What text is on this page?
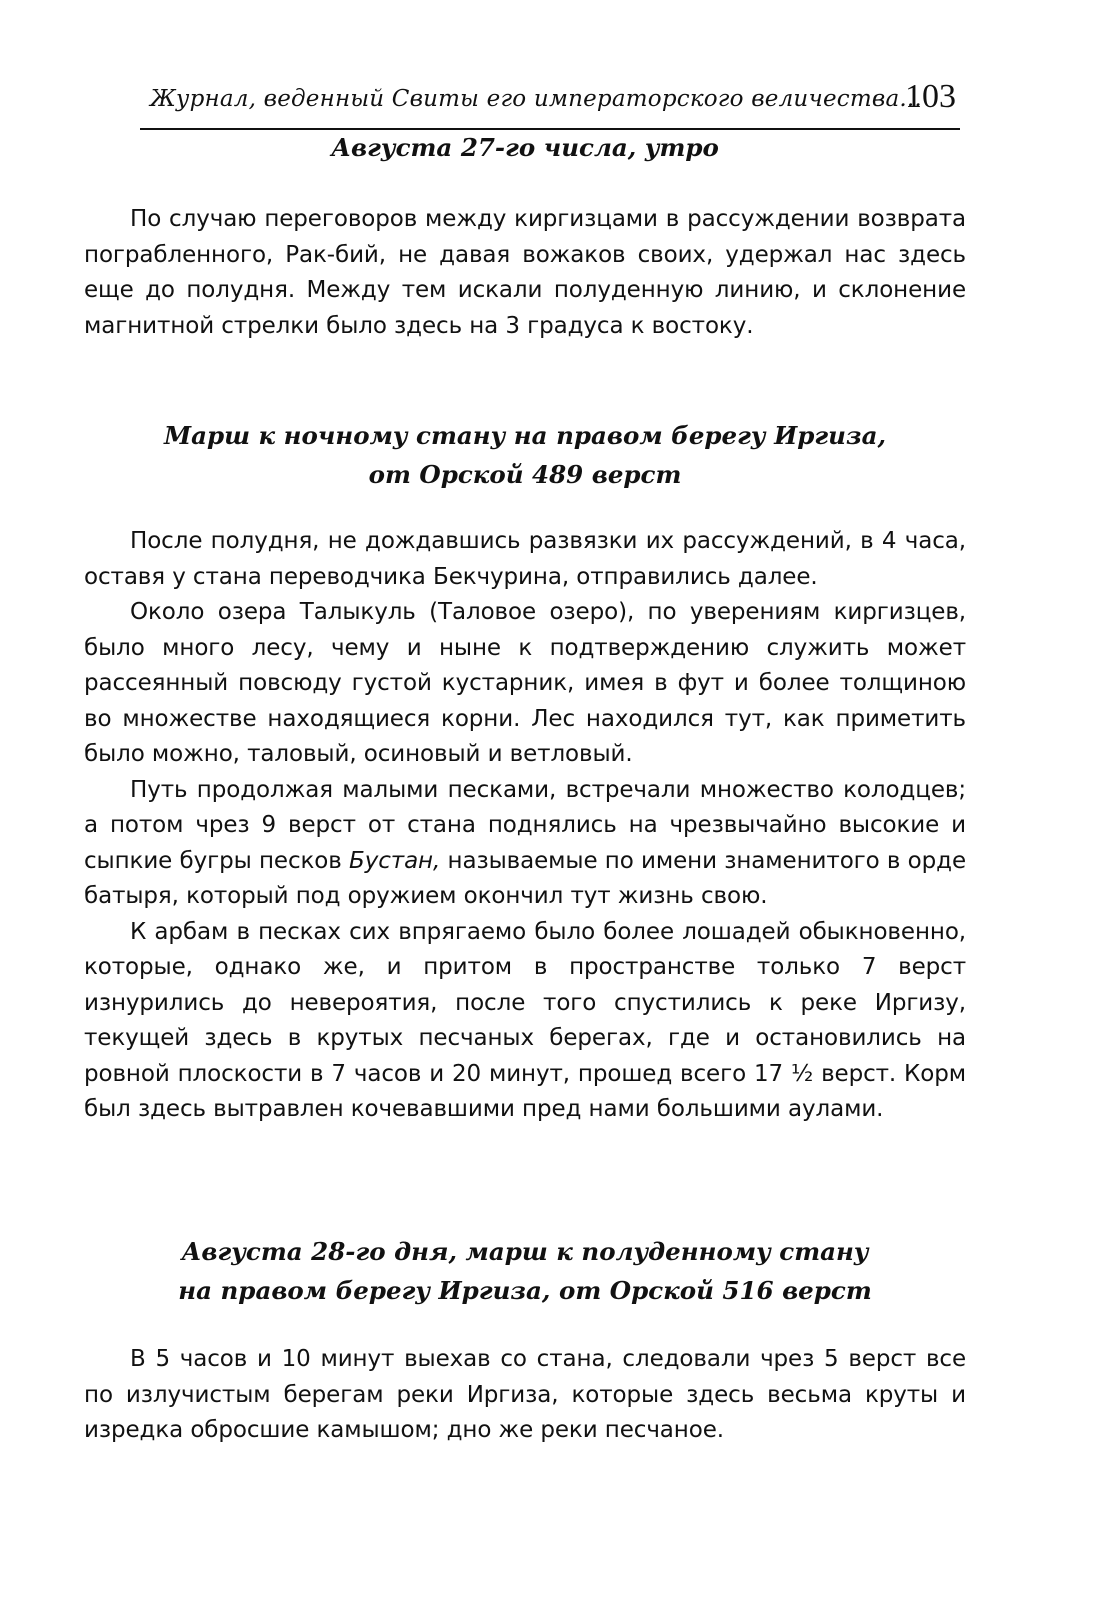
Журнал, веденный Свиты его императорского величества...
103

Августа 27-го числа, утро

По случаю переговоров между киргизцами в рассуждении возврата пограбленного, Рак-бий, не давая вожаков своих, удержал нас здесь еще до полудня. Между тем искали полуденную линию, и склонение магнитной стрелки было здесь на 3 градуса к востоку.

Марш к ночному стану на правом берегу Иргиза,

от Орской 489 верст

После полудня, не дождавшись развязки их рассуждений, в 4 часа, оставя у стана переводчика Бекчурина, отправились далее.

Около озера Талыкуль (Таловое озеро), по уверениям киргизцев, было много лесу, чему и ныне к подтверждению служить может рассеянный повсюду густой кустарник, имея в фут и более толщиною во множестве находящиеся корни. Лес находился тут, как приметить было можно, таловый, осиновый и ветловый.

Путь продолжая малыми песками, встречали множество колодцев; а потом чрез 9 верст от стана поднялись на чрезвычайно высокие и сыпкие бугры песков Бустан, называемые по имени знаменитого в орде батыря, который под оружием окончил тут жизнь свою.

К арбам в песках сих впрягаемо было более лошадей обыкновенно, которые, однако же, и притом в пространстве только 7 верст изнурились до невероятия, после того спустились к реке Иргизу, текущей здесь в крутых песчаных берегах, где и остановились на ровной плоскости в 7 часов и 20 минут, прошед всего 17 ½ верст. Корм был здесь вытравлен кочевавшими пред нами большими аулами.

Августа 28-го дня, марш к полуденному стану

на правом берегу Иргиза, от Орской 516 верст

В 5 часов и 10 минут выехав со стана, следовали чрез 5 верст все по излучистым берегам реки Иргиза, которые здесь весьма круты и изредка обросшие камышом; дно же реки песчаное.
